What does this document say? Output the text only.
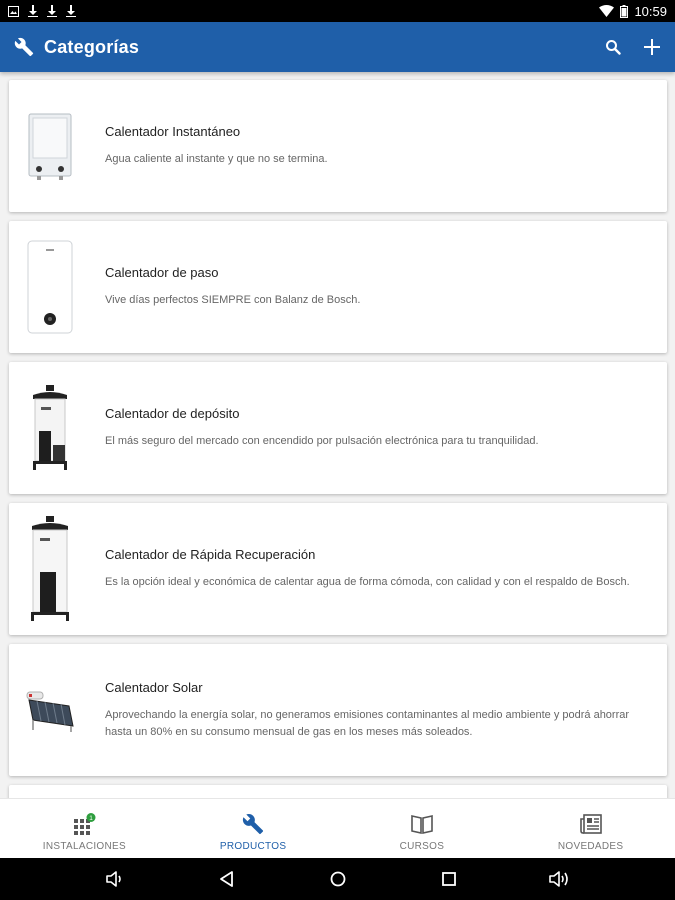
10:59
Categorías
Calentador Instantáneo
Agua caliente al instante y que no se termina.
Calentador de paso
Vive días perfectos SIEMPRE con Balanz de Bosch.
Calentador de depósito
El más seguro del mercado con encendido por pulsación electrónica para tu tranquilidad.
Calentador de Rápida Recuperación
Es la opción ideal y económica de calentar agua de forma cómoda, con calidad y con el respaldo de Bosch.
Calentador Solar
Aprovechando la energía solar, no generamos emisiones contaminantes al medio ambiente y podrá ahorrar hasta un 80% en su consumo mensual de gas en los meses más soleados.
1
INSTALACIONES	PRODUCTOS	CURSOS	NOVEDADES
